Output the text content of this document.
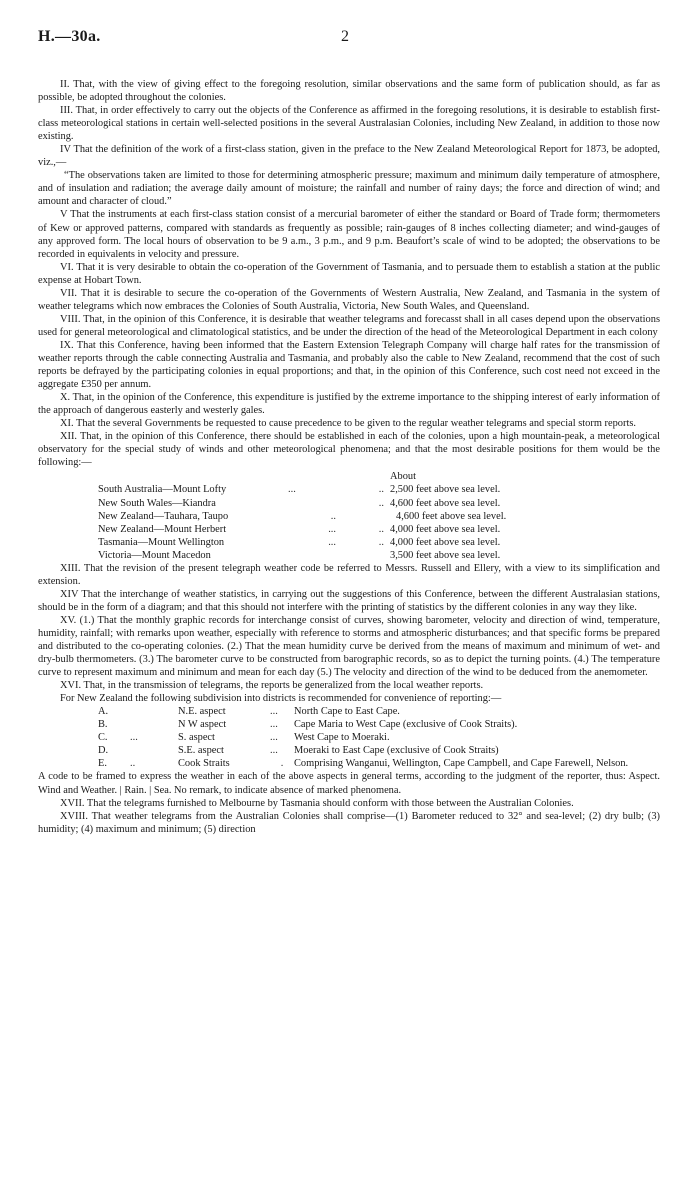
H.—30a.	2

II. That, with the view of giving effect to the foregoing resolution, similar observations and the same form of publication should, as far as possible, be adopted throughout the colonies.

III. That, in order effectively to carry out the objects of the Conference as affirmed in the foregoing resolutions, it is desirable to establish first-class meteorological stations in certain well-selected positions in the several Australasian Colonies, including New Zealand, in addition to those now existing.

IV That the definition of the work of a first-class station, given in the preface to the New Zealand Meteorological Report for 1873, be adopted, viz.,—

“The observations taken are limited to those for determining atmospheric pressure; maximum and minimum daily temperature of atmosphere, and of insulation and radiation; the average daily amount of moisture; the rainfall and number of rainy days; the force and direction of wind; and amount and character of cloud.”

V That the instruments at each first-class station consist of a mercurial barometer of either the standard or Board of Trade form; thermometers of Kew or approved patterns, compared with standards as frequently as possible; rain-gauges of 8 inches collecting diameter; and wind-gauges of any approved form. The local hours of observation to be 9 a.m., 3 p.m., and 9 p.m. Beaufort’s scale of wind to be adopted; the observations to be recorded in equivalents in velocity and pressure.

VI. That it is very desirable to obtain the co-operation of the Government of Tasmania, and to persuade them to establish a station at the public expense at Hobart Town.

VII. That it is desirable to secure the co-operation of the Governments of Western Australia, New Zealand, and Tasmania in the system of weather telegrams which now embraces the Colonies of South Australia, Victoria, New South Wales, and Queensland.

VIII. That, in the opinion of this Conference, it is desirable that weather telegrams and forecasst shall in all cases depend upon the observations used for general meteorological and climatological statistics, and be under the direction of the head of the Meteorological Department in each colony

IX. That this Conference, having been informed that the Eastern Extension Telegraph Company will charge half rates for the transmission of weather reports through the cable connecting Australia and Tasmania, and probably also the cable to New Zealand, recommend that the cost of such reports be defrayed by the participating colonies in equal proportions; and that, in the opinion of this Conference, such cost need not exceed in the aggregate £350 per annum.

X. That, in the opinion of the Conference, this expenditure is justified by the extreme importance to the shipping interest of early information of the approach of dangerous easterly and westerly gales.

XI. That the several Governments be requested to cause precedence to be given to the regular weather telegrams and special storm reports.

XII. That, in the opinion of this Conference, there should be established in each of the colonies, upon a high mountain-peak, a meteorological observatory for the special study of winds and other meteorological phenomena; and that the most desirable positions for them would be the following:—

			About
South Australia—Mount Lofty	...	..	2,500 feet above sea level.
New South Wales—Kiandra		..	4,600 feet above sea level.
New Zealand—Tauhara, Taupo	..		4,600 feet above sea level.
New Zealand—Mount Herbert	...	..	4,000 feet above sea level.
Tasmania—Mount Wellington	...	..	4,000 feet above sea level.
Victoria—Mount Macedon			3,500 feet above sea level.

XIII. That the revision of the present telegraph weather code be referred to Messrs. Russell and Ellery, with a view to its simplification and extension.

XIV That the interchange of weather statistics, in carrying out the suggestions of this Conference, between the different Australasian stations, should be in the form of a diagram; and that this should not interfere with the printing of statistics by the different colonies in any way they like.

XV. (1.) That the monthly graphic records for interchange consist of curves, showing barometer, velocity and direction of wind, temperature, humidity, rainfall; with remarks upon weather, especially with reference to storms and atmospheric disturbances; and that specific forms be prepared and distributed to the co-operating colonies. (2.) That the mean humidity curve be derived from the means of maximum and minimum of wet- and dry-bulb thermometers. (3.) The barometer curve to be constructed from barographic records, so as to depict the turning points. (4.) The temperature curve to represent maximum and minimum and mean for each day (5.) The velocity and direction of the wind to be deduced from the anemometer.

XVI. That, in the transmission of telegrams, the reports be generalized from the local weather reports.

For New Zealand the following subdivision into districts is recommended for convenience of reporting:—

A.		N.E. aspect	...	North Cape to East Cape.
B.		N W aspect	...	Cape Maria to West Cape (exclusive of Cook Straits).
C.	...	S. aspect	...	West Cape to Moeraki.
D.		S.E. aspect	...	Moeraki to East Cape (exclusive of Cook Straits)
E.	..	Cook Straits	.	Comprising Wanganui, Wellington, Cape Campbell, and Cape Farewell, Nelson.

A code to be framed to express the weather in each of the above aspects in general terms, according to the judgment of the reporter, thus: Aspect. Wind and Weather. | Rain. | Sea. No remark, to indicate absence of marked phenomena.

XVII. That the telegrams furnished to Melbourne by Tasmania should conform with those between the Australian Colonies.

XVIII. That weather telegrams from the Australian Colonies shall comprise—(1) Barometer reduced to 32° and sea-level; (2) dry bulb; (3) humidity; (4) maximum and minimum; (5) direction
